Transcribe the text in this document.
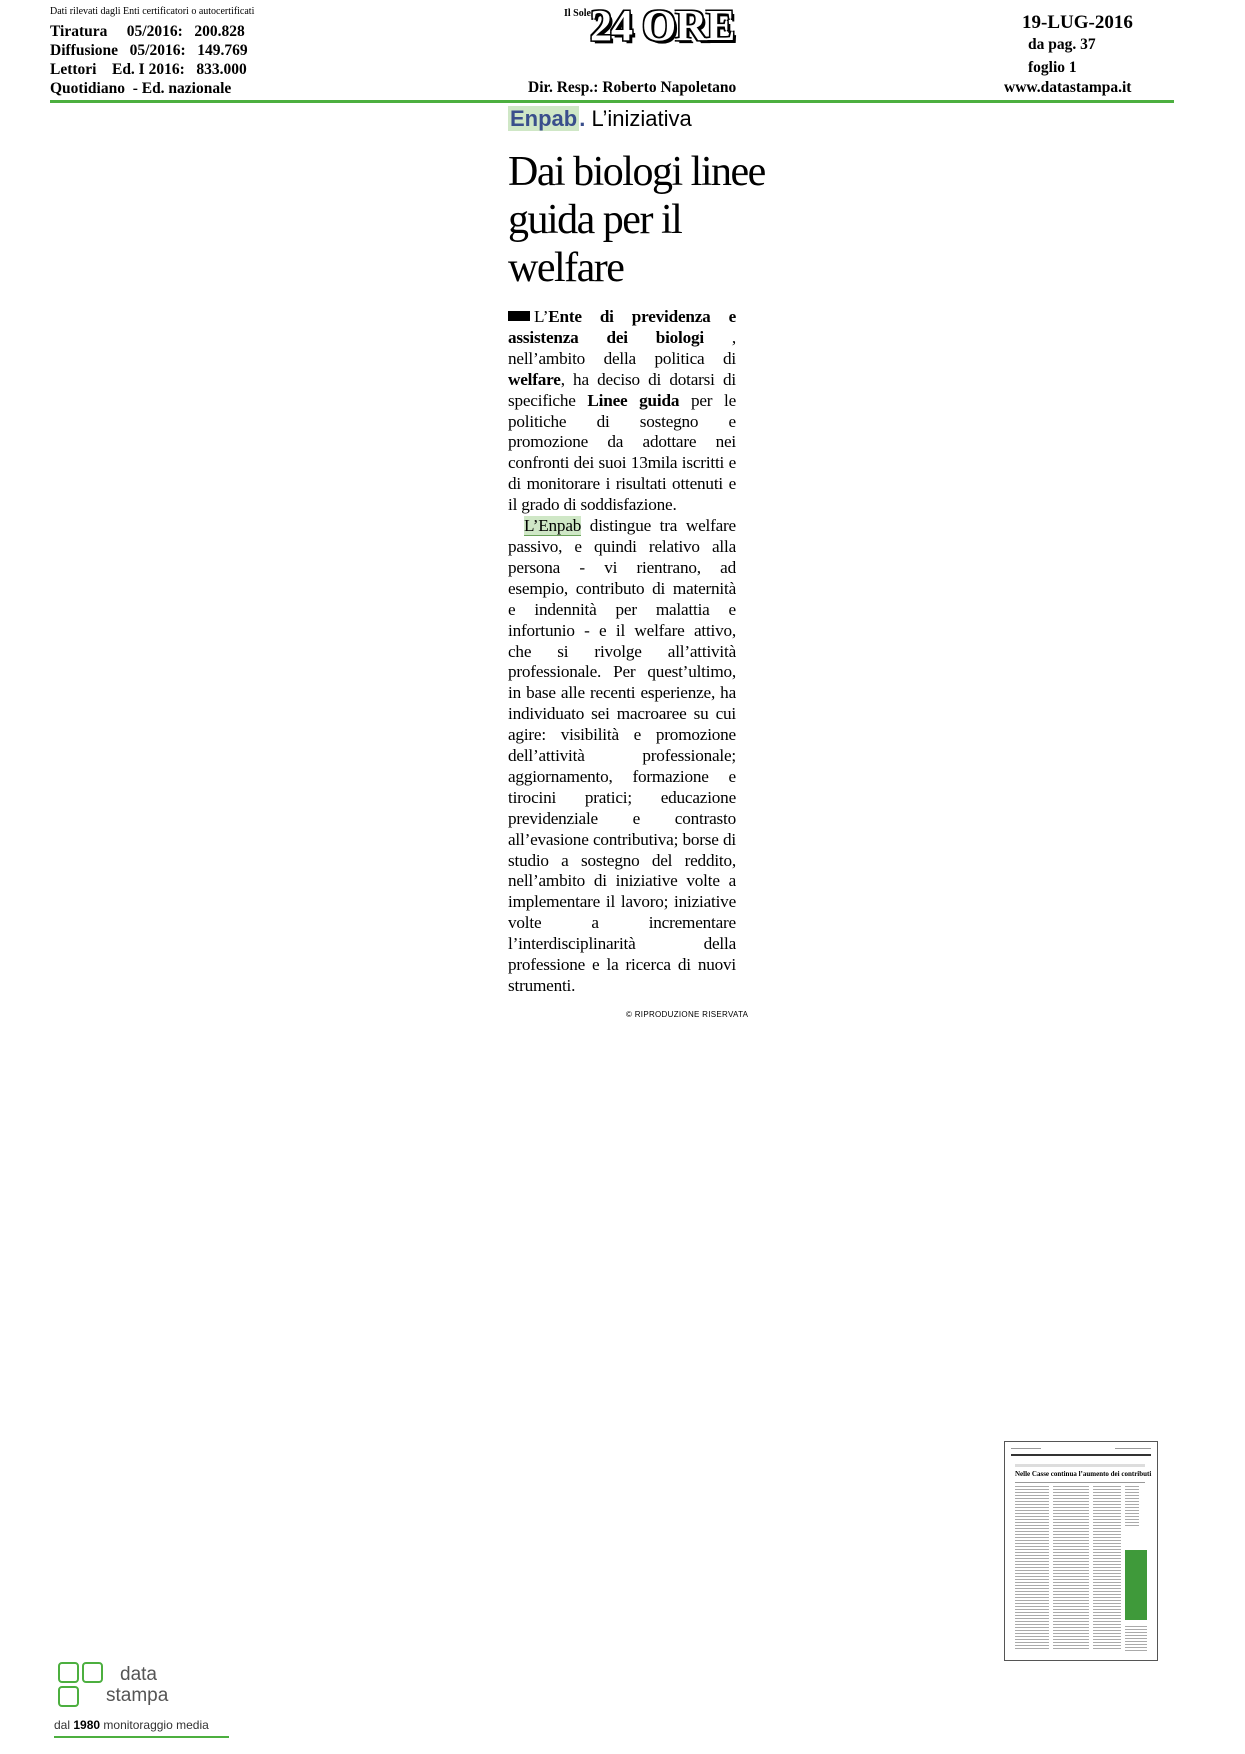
Dati rilevati dagli Enti certificatori o autocertificati
Tiratura     05/2016:   200.828
Diffusione   05/2016:   149.769
Lettori    Ed. I 2016:   833.000
Quotidiano  - Ed. nazionale
Il Sole 24 ORE
Dir. Resp.: Roberto Napoletano
19-LUG-2016
da pag. 37
foglio 1
www.datastampa.it
Enpab. L’iniziativa
Dai biologi linee guida per il welfare

L’Ente di previdenza e assistenza dei biologi , nell’ambito della politica di welfare, ha deciso di dotarsi di specifiche Linee guida per le politiche di sostegno e promozione da adottare nei confronti dei suoi 13mila iscritti e di monitorare i risultati ottenuti e il grado di soddisfazione.

L’Enpab distingue tra welfare passivo, e quindi relativo alla persona - vi rientrano, ad esempio, contributo di maternità e indennità per malattia e infortunio - e il welfare attivo, che si rivolge all’attività professionale. Per quest’ultimo, in base alle recenti esperienze, ha individuato sei macroaree su cui agire: visibilità e promozione dell’attività professionale; aggiornamento, formazione e tirocini pratici; educazione previdenziale e contrasto all’evasione contributiva; borse di studio a sostegno del reddito, nell’ambito di iniziative volte a implementare il lavoro; iniziative volte a incrementare l’interdisciplinarità della professione e la ricerca di nuovi strumenti.

© RIPRODUZIONE RISERVATA
Nelle Casse continua l’aumento dei contributi
data
stampa
dal 1980 monitoraggio media
